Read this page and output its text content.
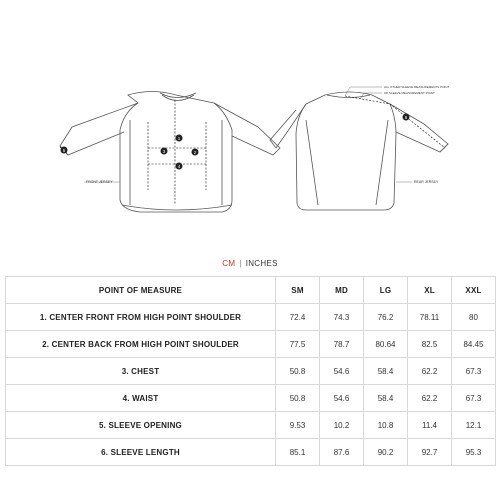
1
2
3
4
5
FRONT JERSEY
6
ALL OTHER SLEEVE MEASUREMENTS POINT
OF SLEEVE MEASUREMENT POINT
REAR JERSEY
CM | INCHES
POINT OF MEASURE	SM	MD	LG	XL	XXL
1. CENTER FRONT FROM HIGH POINT SHOULDER	72.4	74.3	76.2	78.11	80
2. CENTER BACK FROM HIGH POINT SHOULDER	77.5	78.7	80.64	82.5	84.45
3. CHEST	50.8	54.6	58.4	62.2	67.3
4. WAIST	50.8	54.6	58.4	62.2	67.3
5. SLEEVE OPENING	9.53	10.2	10.8	11.4	12.1
6. SLEEVE LENGTH	85.1	87.6	90.2	92.7	95.3
